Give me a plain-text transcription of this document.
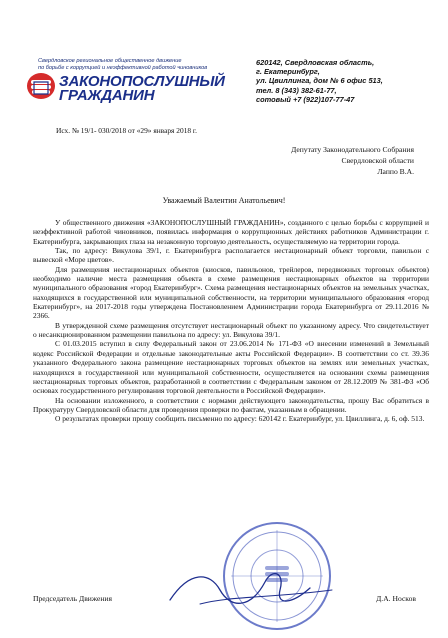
Свердловское региональное общественное движение
по борьбе с коррупцией и неэффективной работой чиновников
ЗАКОНОПОСЛУШНЫЙ
ГРАЖДАНИН
620142, Свердловская область,
г. Екатеринбург,
ул. Цвиллинга, дом № 6 офис 513,
тел. 8 (343) 382-61-77,
сотовый +7 (922)107-77-47
Исх. № 19/1- 030/2018 от «29» января 2018 г.
Депутату Законодательного Собрания
Свердловской области
Лаппо В.А.
Уважаемый Валентин Анатольевич!

У общественного движения «ЗАКОНОПОСЛУШНЫЙ ГРАЖДАНИН», созданного с целью борьбы с коррупцией и неэффективной работой чиновников, появилась информация о коррупционных действиях работников Администрации г. Екатеринбурга, закрывающих глаза на незаконную торговую деятельность, осуществляемую на территории города.

Так, по адресу: Викулова 39/1, г. Екатеринбурга располагается нестационарный объект торговли, павильон с вывеской «Море цветов».

Для размещения нестационарных объектов (киосков, павильонов, трейлеров, передвижных торговых объектов) необходимо наличие места размещения объекта в схеме размещения нестационарных объектов на территории муниципального образования «город Екатеринбург». Схема размещения нестационарных объектов на земельных участках, находящихся в государственной или муниципальной собственности, на территории муниципального образования «город Екатеринбург», на 2017-2018 годы утверждена Постановлением Администрации города Екатеринбурга от 29.11.2016 № 2366.

В утвержденной схеме размещения отсутствует нестационарный объект по указанному адресу. Что свидетельствует о несанкционированном размещении павильона по адресу: ул. Викулова 39/1.

С 01.03.2015 вступил в силу Федеральный закон от 23.06.2014 № 171-ФЗ «О внесении изменений в Земельный кодекс Российской Федерации и отдельные законодательные акты Российской Федерации». В соответствии со ст. 39.36 указанного Федерального закона размещение нестационарных торговых объектов на землях или земельных участках, находящихся в государственной или муниципальной собственности, осуществляется на основании схемы размещения нестационарных торговых объектов, разработанной в соответствии с Федеральным законом от 28.12.2009 № 381-ФЗ «Об основах государственного регулирования торговой деятельности в Российской Федерации».

На основании изложенного, в соответствии с нормами действующего законодательства, прошу Вас обратиться в Прокуратуру Свердловской области для проведения проверки по фактам, указанным в обращении.

О результатах проверки прошу сообщить письменно по адресу: 620142 г. Екатеринбург, ул. Цвиллинга, д. 6, оф. 513.

Председатель Движения	Д.А. Носков
